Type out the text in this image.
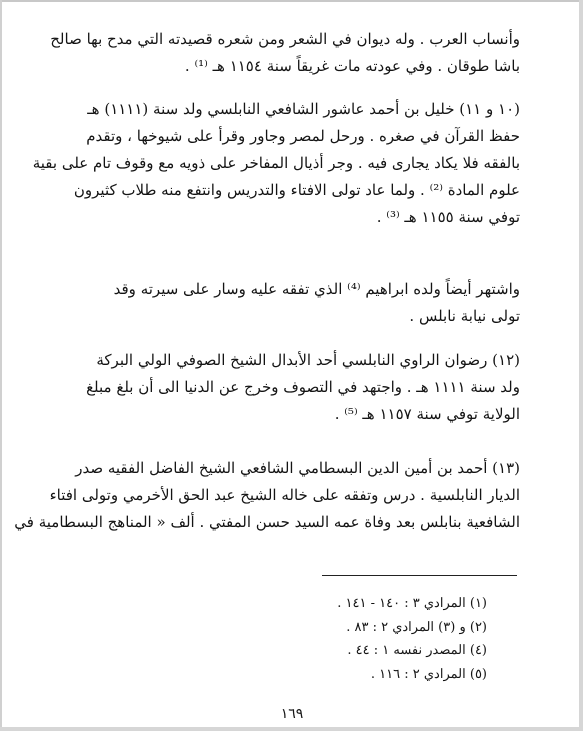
وأنساب العرب . وله ديوان في الشعر ومن شعره قصيدته التي مدح بها صالح
باشا طوقان . وفي عودته مات غريقاً سنة ١١٥٤ هـ ⁽¹⁾ .
(١٠ و ١١) خليل بن أحمد عاشور الشافعي النابلسي ولد سنة (١١١١) هـ
حفظ القرآن في صغره . ورحل لمصر وجاور وقرأ على شيوخها ، وتقدم
بالفقه فلا يكاد يجارى فيه . وجر أذيال المفاخر على ذويه مع وقوف تام على بقية
علوم المادة ⁽²⁾ . ولما عاد تولى الافتاء والتدريس وانتفع منه طلاب كثيرون
توفي سنة ١١٥٥ هـ ⁽³⁾ .
واشتهر أيضاً ولده ابراهيم ⁽⁴⁾ الذي تفقه عليه وسار على سيرته وقد
تولى نيابة نابلس .
(١٢) رضوان الراوي النابلسي أحد الأبدال الشيخ الصوفي الولي البركة
ولد سنة ١١١١ هـ . واجتهد في التصوف وخرج عن الدنيا الى أن بلغ مبلغ
الولاية توفي سنة ١١٥٧ هـ ⁽⁵⁾ .
(١٣) أحمد بن أمين الدين البسطامي الشافعي الشيخ الفاضل الفقيه صدر
الديار النابلسية . درس وتفقه على خاله الشيخ عبد الحق الأخرمي وتولى افتاء
الشافعية بنابلس بعد وفاة عمه السيد حسن المفتي . ألف « المناهج البسطامية في
(١) المرادي ٣ : ١٤٠ - ١٤١ .
(٢) و (٣) المرادي ٢ : ٨٣ .
(٤) المصدر نفسه ١ : ٤٤ .
(٥) المرادي ٢ : ١١٦ .
١٦٩
